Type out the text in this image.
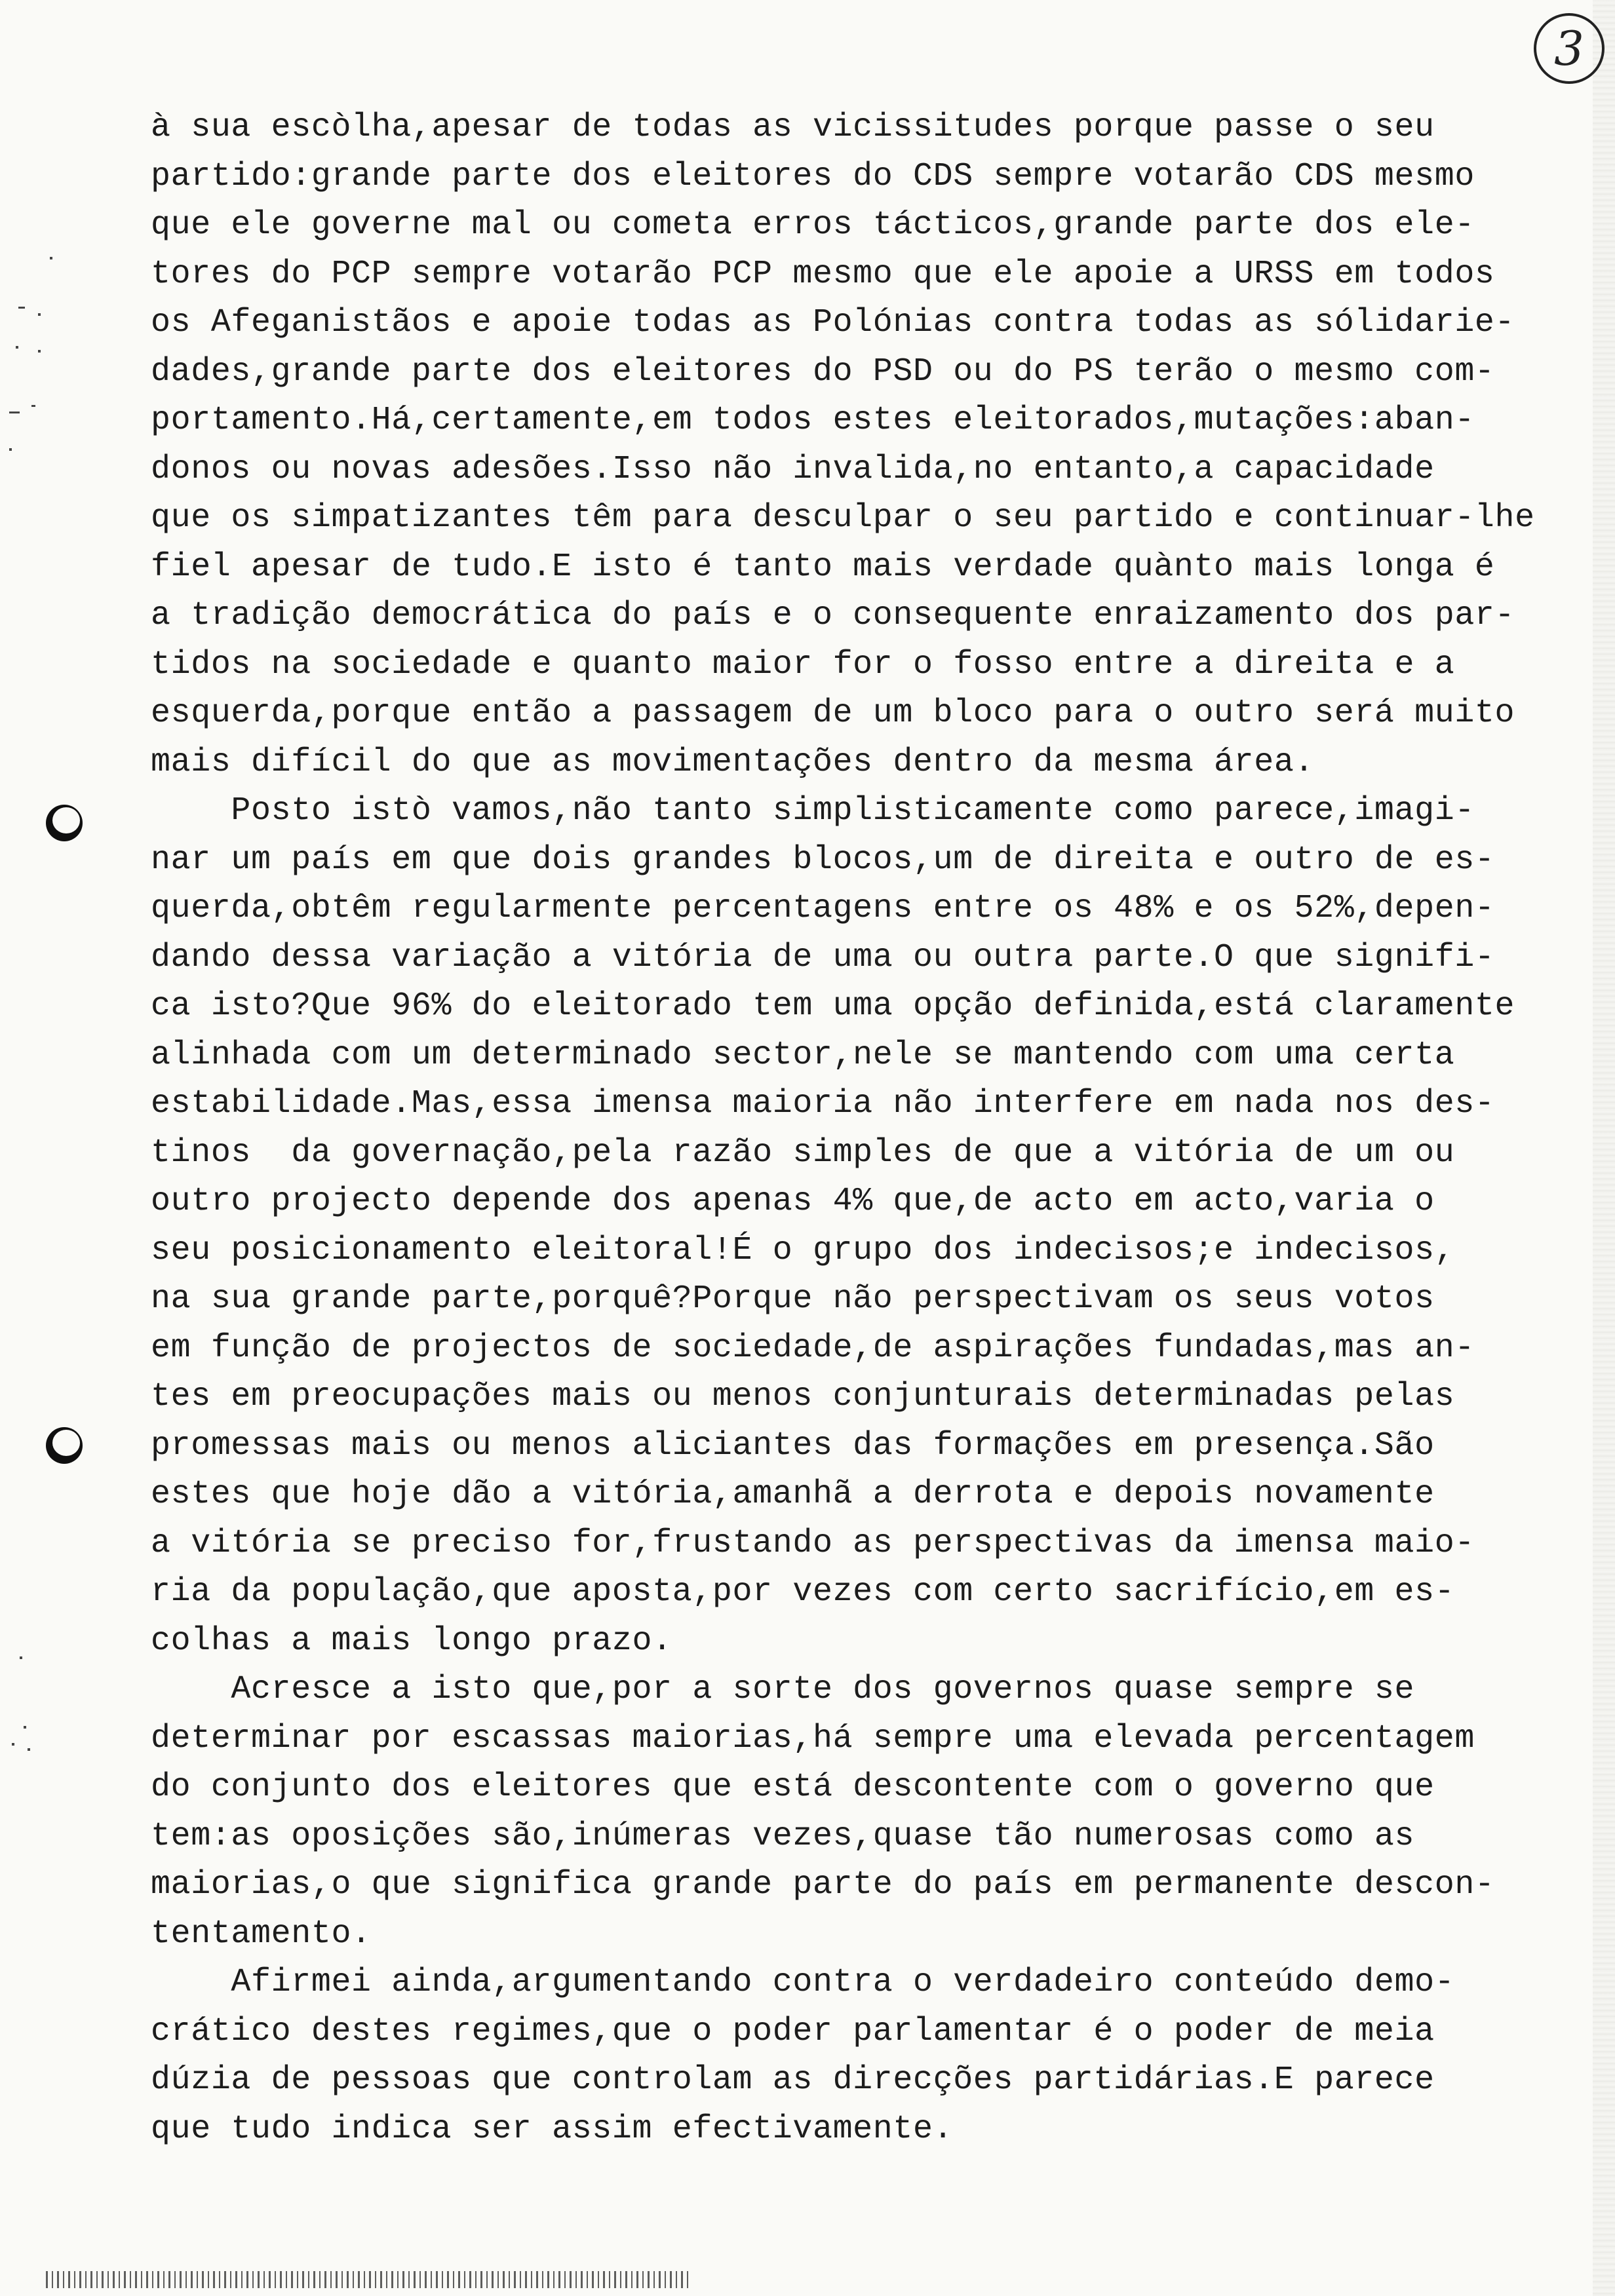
3
à sua escòlha,apesar de todas as vicissitudes porque passe o seu
partido:grande parte dos eleitores do CDS sempre votarão CDS mesmo
que ele governe mal ou cometa erros tácticos,grande parte dos ele-
tores do PCP sempre votarão PCP mesmo que ele apoie a URSS em todos
os Afeganistãos e apoie todas as Polónias contra todas as sólidarie-
dades,grande parte dos eleitores do PSD ou do PS terão o mesmo com-
portamento.Há,certamente,em todos estes eleitorados,mutações:aban-
donos ou novas adesões.Isso não invalida,no entanto,a capacidade
que os simpatizantes têm para desculpar o seu partido e continuar-lhe
fiel apesar de tudo.E isto é tanto mais verdade quànto mais longa é
a tradição democrática do país e o consequente enraizamento dos par-
tidos na sociedade e quanto maior for o fosso entre a direita e a
esquerda,porque então a passagem de um bloco para o outro será muito
mais difícil do que as movimentações dentro da mesma área.
Posto istò vamos,não tanto simplisticamente como parece,imagi-
nar um país em que dois grandes blocos,um de direita e outro de es-
querda,obtêm regularmente percentagens entre os 48% e os 52%,depen-
dando dessa variação a vitória de uma ou outra parte.O que signifi-
ca isto?Que 96% do eleitorado tem uma opção definida,está claramente
alinhada com um determinado sector,nele se mantendo com uma certa
estabilidade.Mas,essa imensa maioria não interfere em nada nos des-
tinos  da governação,pela razão simples de que a vitória de um ou
outro projecto depende dos apenas 4% que,de acto em acto,varia o
seu posicionamento eleitoral!É o grupo dos indecisos;e indecisos,
na sua grande parte,porquê?Porque não perspectivam os seus votos
em função de projectos de sociedade,de aspirações fundadas,mas an-
tes em preocupações mais ou menos conjunturais determinadas pelas
promessas mais ou menos aliciantes das formações em presença.São
estes que hoje dão a vitória,amanhã a derrota e depois novamente
a vitória se preciso for,frustando as perspectivas da imensa maio-
ria da população,que aposta,por vezes com certo sacrifício,em es-
colhas a mais longo prazo.
Acresce a isto que,por a sorte dos governos quase sempre se
determinar por escassas maiorias,há sempre uma elevada percentagem
do conjunto dos eleitores que está descontente com o governo que
tem:as oposições são,inúmeras vezes,quase tão numerosas como as
maiorias,o que significa grande parte do país em permanente descon-
tentamento.
Afirmei ainda,argumentando contra o verdadeiro conteúdo demo-
crático destes regimes,que o poder parlamentar é o poder de meia
dúzia de pessoas que controlam as direcções partidárias.E parece
que tudo indica ser assim efectivamente.
